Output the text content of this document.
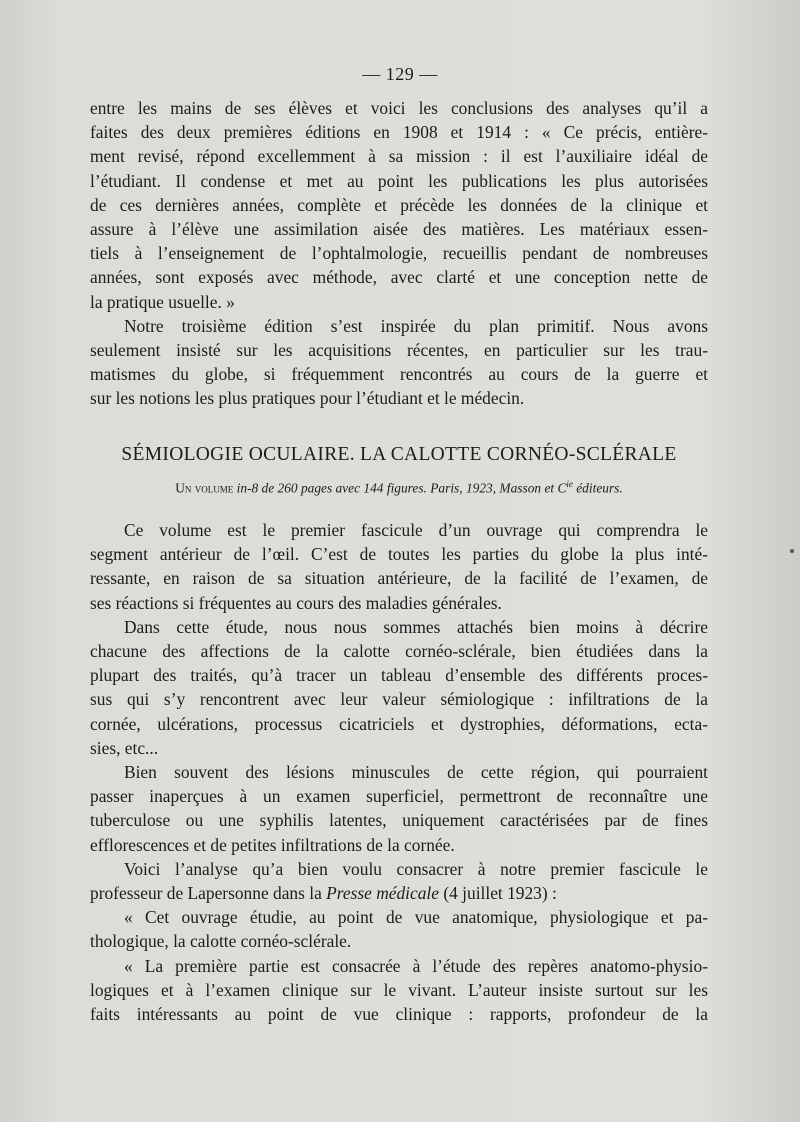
— 129 —
entre les mains de ses élèves et voici les conclusions des analyses qu’il a
faites des deux premières éditions en 1908 et 1914 : « Ce précis, entière-
ment revisé, répond excellemment à sa mission : il est l’auxiliaire idéal de
l’étudiant. Il condense et met au point les publications les plus autorisées
de ces dernières années, complète et précède les données de la clinique et
assure à l’élève une assimilation aisée des matières. Les matériaux essen-
tiels à l’enseignement de l’ophtalmologie, recueillis pendant de nombreuses
années, sont exposés avec méthode, avec clarté et une conception nette de
la pratique usuelle. »
Notre troisième édition s’est inspirée du plan primitif. Nous avons
seulement insisté sur les acquisitions récentes, en particulier sur les trau-
matismes du globe, si fréquemment rencontrés au cours de la guerre et
sur les notions les plus pratiques pour l’étudiant et le médecin.
SÉMIOLOGIE OCULAIRE. LA CALOTTE CORNÉO-SCLÉRALE
Un volume in-8 de 260 pages avec 144 figures. Paris, 1923, Masson et $C^{ie}$ éditeurs.
Ce volume est le premier fascicule d’un ouvrage qui comprendra le
segment antérieur de l’œil. C’est de toutes les parties du globe la plus inté-
ressante, en raison de sa situation antérieure, de la facilité de l’examen, de
ses réactions si fréquentes au cours des maladies générales.
Dans cette étude, nous nous sommes attachés bien moins à décrire
chacune des affections de la calotte cornéo-sclérale, bien étudiées dans la
plupart des traités, qu’à tracer un tableau d’ensemble des différents proces-
sus qui s’y rencontrent avec leur valeur sémiologique : infiltrations de la
cornée, ulcérations, processus cicatriciels et dystrophies, déformations, ecta-
sies, etc...
Bien souvent des lésions minuscules de cette région, qui pourraient
passer inaperçues à un examen superficiel, permettront de reconnaître une
tuberculose ou une syphilis latentes, uniquement caractérisées par de fines
efflorescences et de petites infiltrations de la cornée.
Voici l’analyse qu’a bien voulu consacrer à notre premier fascicule le
professeur de Lapersonne dans la Presse médicale (4 juillet 1923) :
« Cet ouvrage étudie, au point de vue anatomique, physiologique et pa-
thologique, la calotte cornéo-sclérale.
« La première partie est consacrée à l’étude des repères anatomo-physio-
logiques et à l’examen clinique sur le vivant. L’auteur insiste surtout sur les
faits intéressants au point de vue clinique : rapports, profondeur de la
